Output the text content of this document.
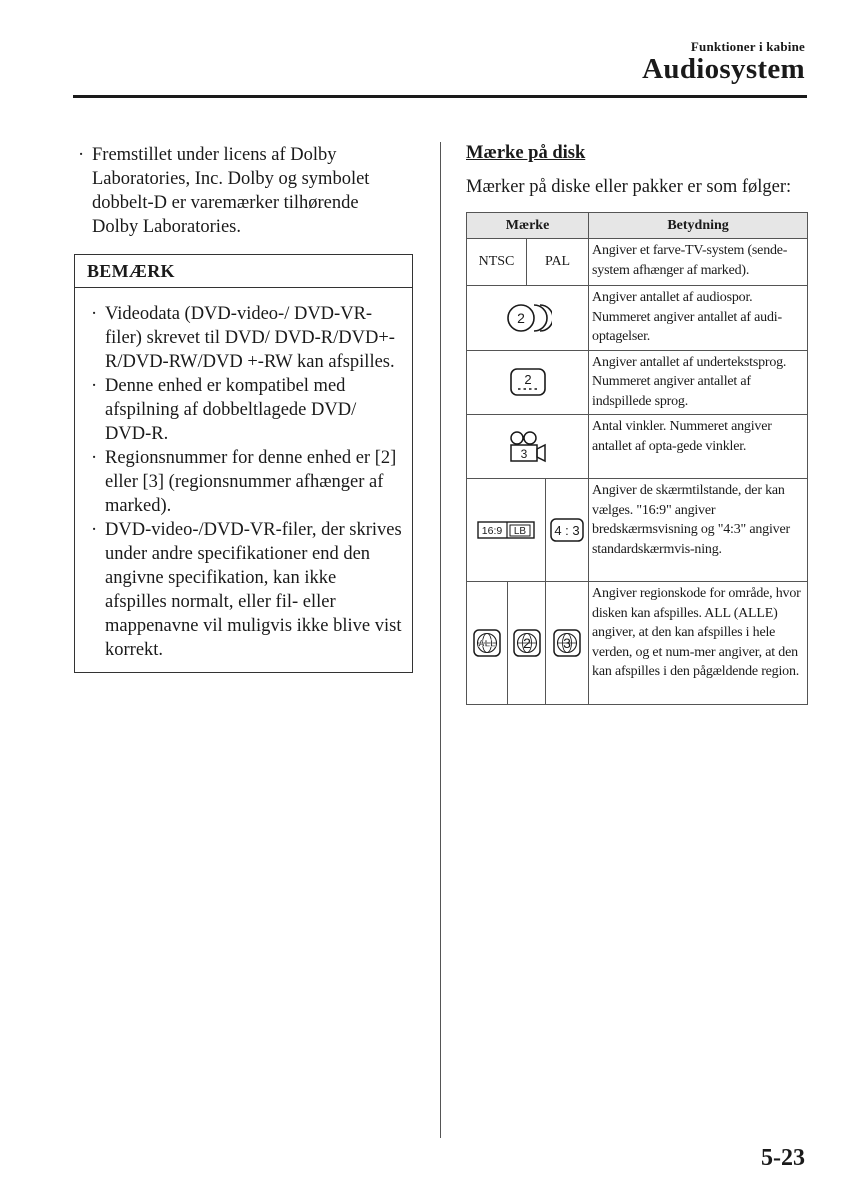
Funktioner i kabine
Audiosystem
· Fremstillet under licens af Dolby Laboratories, Inc. Dolby og symbolet dobbelt-D er varemærker tilhørende Dolby Laboratories.
BEMÆRK
· Videodata (DVD-video-/ DVD-VR-filer) skrevet til DVD/ DVD-R/DVD+-R/DVD-RW/DVD +-RW kan afspilles.
· Denne enhed er kompatibel med afspilning af dobbeltlagede DVD/ DVD-R.
· Regionsnummer for denne enhed er [2] eller [3] (regionsnummer afhænger af marked).
· DVD-video-/DVD-VR-filer, der skrives under andre specifikationer end den angivne specifikation, kan ikke afspilles normalt, eller fil- eller mappenavne vil muligvis ikke blive vist korrekt.
Mærke på disk
Mærker på diske eller pakker er som følger:
Mærke				Betydning
NTSC		PAL		Angiver et farve-TV-system (sende-system afhænger af marked).

2				Angiver antallet af audiospor. Nummeret angiver antallet af audi-optagelser.

2				Angiver antallet af undertekstsprog. Nummeret angiver antallet af indspillede sprog.

3				Antal vinkler. Nummeret angiver antallet af opta-gede vinkler.

16:9 LB			4 : 3	Angiver de skærmtilstande, der kan vælges. "16:9" angiver bredskærmsvisning og "4:3" angiver standardskærmvis-ning.

ALL	2		3	Angiver regionskode for område, hvor disken kan afspilles. ALL (ALLE) angiver, at den kan afspilles i hele verden, og et num-mer angiver, at den kan afspilles i den pågældende region.
5-23
